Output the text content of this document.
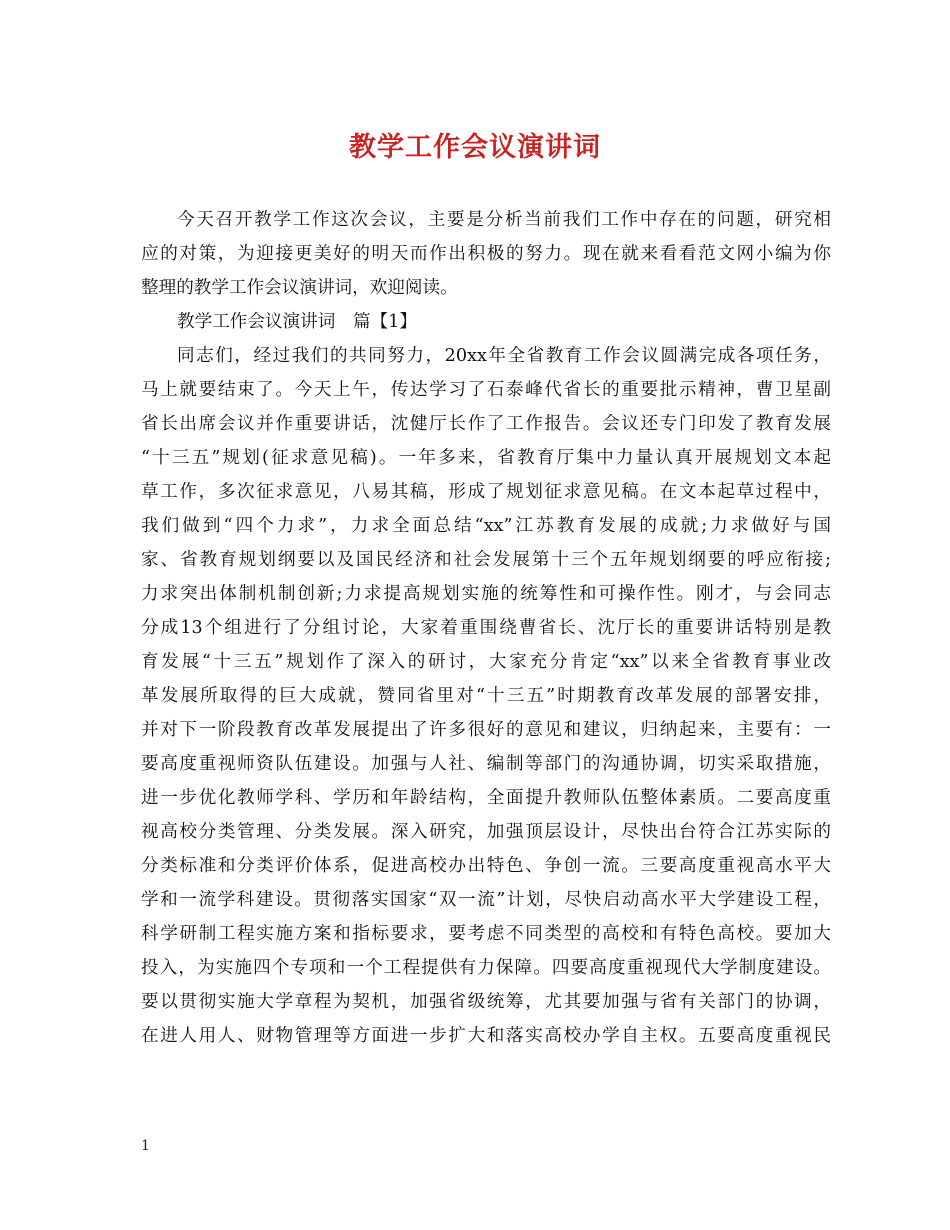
教学工作会议演讲词
今天召开教学工作这次会议，主要是分析当前我们工作中存在的问题，研究相
应的对策，为迎接更美好的明天而作出积极的努力。现在就来看看范文网小编为你
整理的教学工作会议演讲词，欢迎阅读。
教学工作会议演讲词　篇【1】
同志们，经过我们的共同努力，20xx年全省教育工作会议圆满完成各项任务，
马上就要结束了。今天上午，传达学习了石泰峰代省长的重要批示精神，曹卫星副
省长出席会议并作重要讲话，沈健厅长作了工作报告。会议还专门印发了教育发展
“十三五”规划(征求意见稿)。一年多来，省教育厅集中力量认真开展规划文本起
草工作，多次征求意见，八易其稿，形成了规划征求意见稿。在文本起草过程中，
我们做到“四个力求”，力求全面总结“xx”江苏教育发展的成就;力求做好与国
家、省教育规划纲要以及国民经济和社会发展第十三个五年规划纲要的呼应衔接;
力求突出体制机制创新;力求提高规划实施的统筹性和可操作性。刚才，与会同志
分成13个组进行了分组讨论，大家着重围绕曹省长、沈厅长的重要讲话特别是教
育发展“十三五”规划作了深入的研讨，大家充分肯定“xx”以来全省教育事业改
革发展所取得的巨大成就，赞同省里对“十三五”时期教育改革发展的部署安排，
并对下一阶段教育改革发展提出了许多很好的意见和建议，归纳起来，主要有：一
要高度重视师资队伍建设。加强与人社、编制等部门的沟通协调，切实采取措施，
进一步优化教师学科、学历和年龄结构，全面提升教师队伍整体素质。二要高度重
视高校分类管理、分类发展。深入研究，加强顶层设计，尽快出台符合江苏实际的
分类标准和分类评价体系，促进高校办出特色、争创一流。三要高度重视高水平大
学和一流学科建设。贯彻落实国家“双一流”计划，尽快启动高水平大学建设工程，
科学研制工程实施方案和指标要求，要考虑不同类型的高校和有特色高校。要加大
投入，为实施四个专项和一个工程提供有力保障。四要高度重视现代大学制度建设。
要以贯彻实施大学章程为契机，加强省级统筹，尤其要加强与省有关部门的协调，
在进人用人、财物管理等方面进一步扩大和落实高校办学自主权。五要高度重视民
1
